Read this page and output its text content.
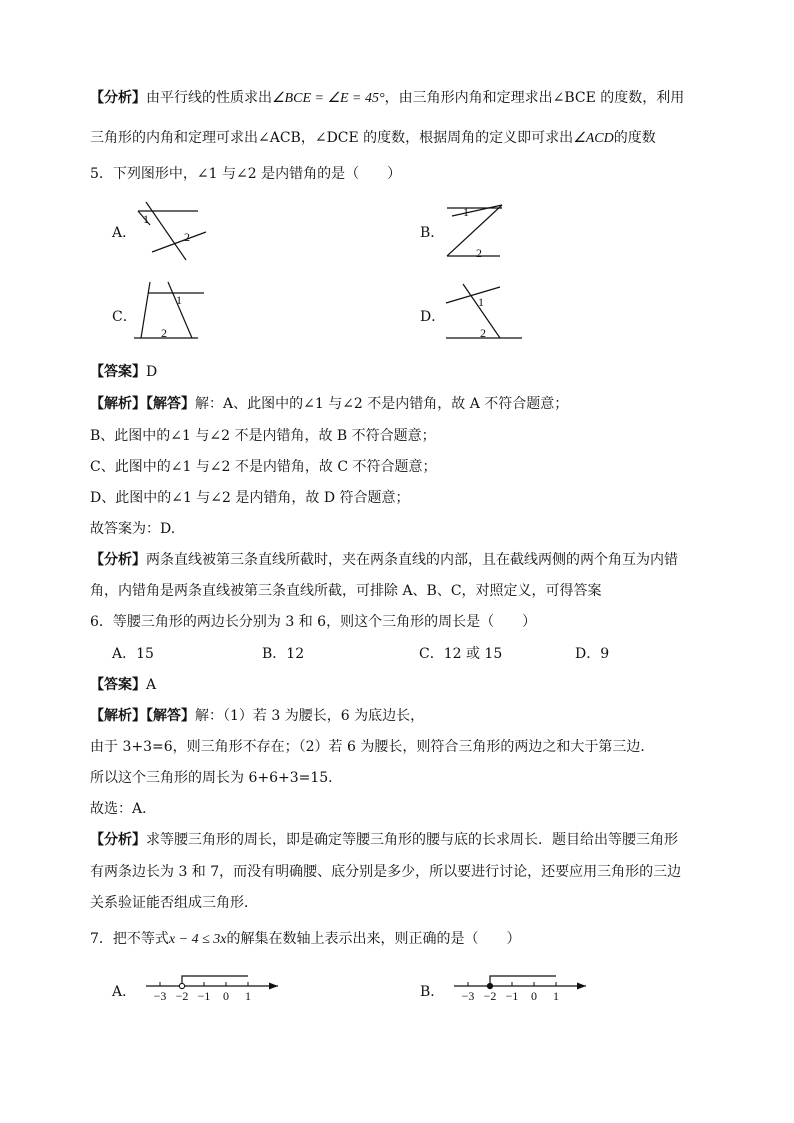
【分析】由平行线的性质求出∠BCE = ∠E = 45°，由三角形内角和定理求出∠BCE 的度数，利用
三角形的内角和定理可求出∠ACB，∠DCE 的度数，根据周角的定义即可求出∠ACD的度数
5．下列图形中，∠1 与∠2 是内错角的是（　　）
A．
1
2	B．
1
2
C．
1
2
D．
1
2
【答案】D
【解析】【解答】解：A、此图中的∠1 与∠2 不是内错角，故 A 不符合题意；
B、此图中的∠1 与∠2 不是内错角，故 B 不符合题意；
C、此图中的∠1 与∠2 不是内错角，故 C 不符合题意；
D、此图中的∠1 与∠2 是内错角，故 D 符合题意；
故答案为：D.
【分析】两条直线被第三条直线所截时，夹在两条直线的内部，且在截线两侧的两个角互为内错
角，内错角是两条直线被第三条直线所截，可排除 A、B、C，对照定义，可得答案
6．等腰三角形的两边长分别为 3 和 6，则这个三角形的周长是（　　）
A．15	B．12	C．12 或 15	D．9
【答案】A
【解析】【解答】解：（1）若 3 为腰长，6 为底边长，
由于 3+3=6，则三角形不存在；（2）若 6 为腰长，则符合三角形的两边之和大于第三边．
所以这个三角形的周长为 6+6+3=15．
故选：A．
【分析】求等腰三角形的周长，即是确定等腰三角形的腰与底的长求周长．题目给出等腰三角形
有两条边长为 3 和 7，而没有明确腰、底分别是多少，所以要进行讨论，还要应用三角形的三边
关系验证能否组成三角形．
7．把不等式x − 4 ≤ 3x的解集在数轴上表示出来，则正确的是（　　）
A． −3 −2 −1 0 1	B． −3 −2 −1 0 1
